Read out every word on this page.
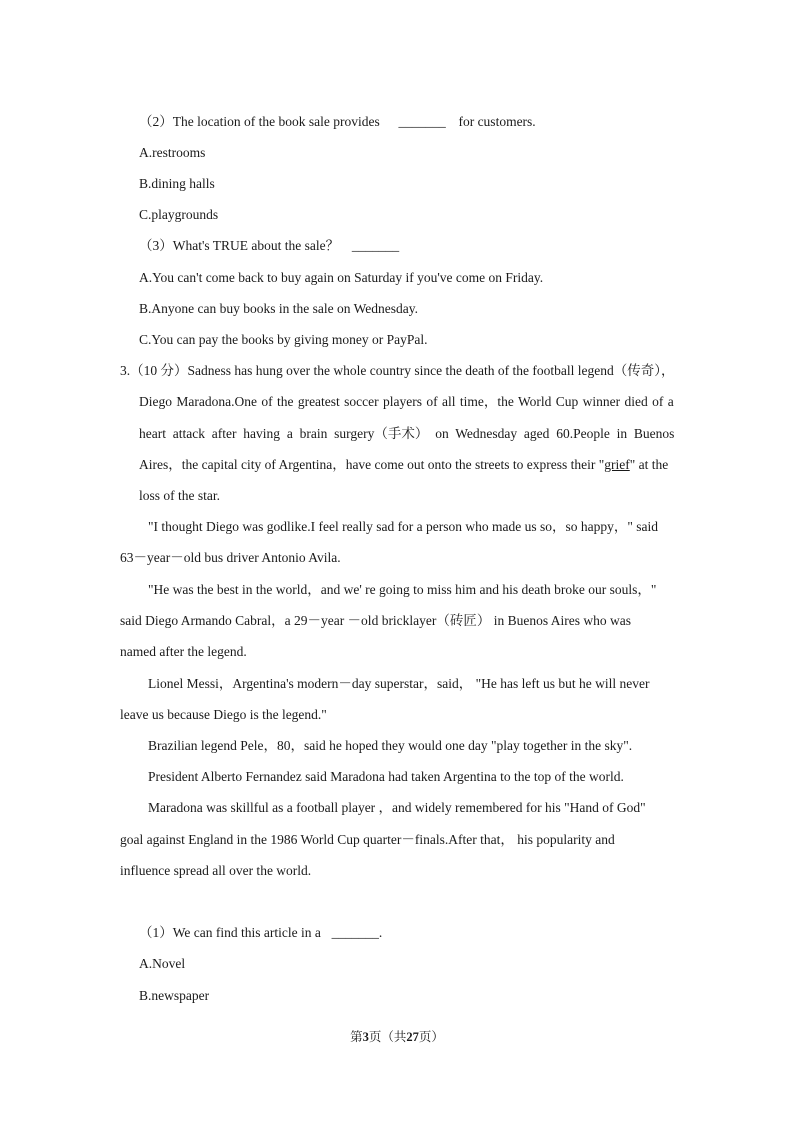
（2）The location of the book sale provides _______ for customers.
A.restrooms
B.dining halls
C.playgrounds
（3）What's TRUE about the sale？ _______
A.You can't come back to buy again on Saturday if you've come on Friday.
B.Anyone can buy books in the sale on Wednesday.
C.You can pay the books by giving money or PayPal.
3.（10 分）Sadness has hung over the whole country since the death of the football legend（传奇），
Diego Maradona.One of the greatest soccer players of all time，the World Cup winner died of a
heart attack after having a brain surgery（手术） on Wednesday aged 60.People in Buenos
Aires，the capital city of Argentina，have come out onto the streets to express their "grief" at the
loss of the star.
"I thought Diego was godlike.I feel really sad for a person who made us so，so happy，" said
63－year－old bus driver Antonio Avila.
"He was the best in the world，and we' re going to miss him and his death broke our souls，"
said Diego Armando Cabral，a 29－year －old bricklayer（砖匠） in Buenos Aires who was
named after the legend.
Lionel Messi，Argentina's modern－day superstar，said， "He has left us but he will never
leave us because Diego is the legend."
Brazilian legend Pele，80，said he hoped they would one day "play together in the sky".
President Alberto Fernandez said Maradona had taken Argentina to the top of the world.
Maradona was skillful as a football player ，and widely remembered for his "Hand of God"
goal against England in the 1986 World Cup quarter－finals.After that， his popularity and
influence spread all over the world.
（1）We can find this article in a _______.
A.Novel
B.newspaper
第3页（共27页）
